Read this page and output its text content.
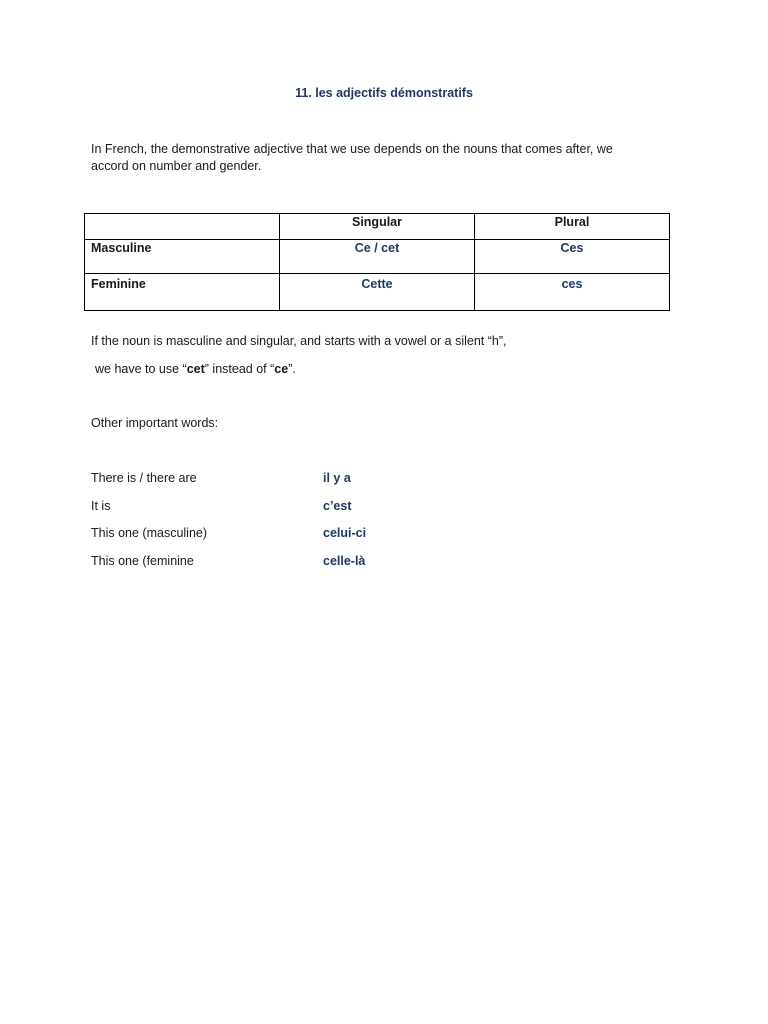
11. les adjectifs démonstratifs
In French, the demonstrative adjective that we use depends on the nouns that comes after, we accord on number and gender.
	Singular	Plural
Masculine	Ce / cet	Ces
Feminine	Cette	ces
If the noun is masculine and singular, and starts with a vowel or a silent “h”,
we have to use “cet” instead of “ce”.
Other important words:
There is / there are	il y a
It is	c’est
This one (masculine)	celui-ci
This one (feminine	celle-là
